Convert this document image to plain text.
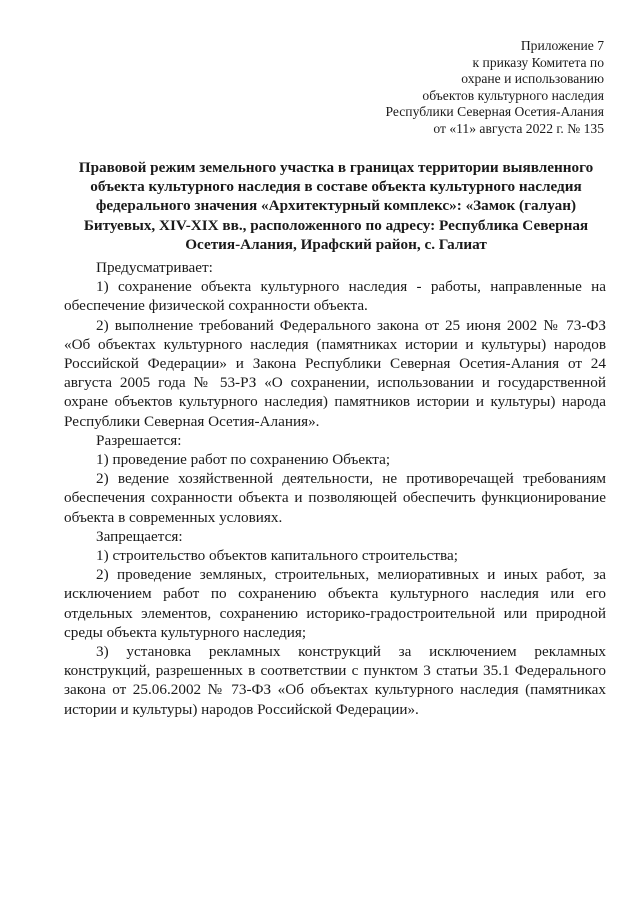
Приложение 7
к приказу Комитета по
охране и использованию
объектов культурного наследия
Республики Северная Осетия-Алания
от «11» августа 2022 г. № 135
Правовой режим земельного участка в границах территории выявленного
объекта культурного наследия в составе объекта культурного наследия
федерального значения «Архитектурный комплекс»: «Замок (галуан)
Битуевых, XIV-XIX вв., расположенного по адресу: Республика Северная
Осетия-Алания, Ирафский район, с. Галиат

Предусматривает:

1) сохранение объекта культурного наследия - работы, направленные на обеспечение физической сохранности объекта.

2) выполнение требований Федерального закона от 25 июня 2002 № 73-ФЗ «Об объектах культурного наследия (памятниках истории и культуры) народов Российской Федерации» и Закона Республики Северная Осетия-Алания от 24 августа 2005 года № 53-РЗ «О сохранении, использовании и государственной охране объектов культурного наследия) памятников истории и культуры) народа Республики Северная Осетия-Алания».

Разрешается:

1) проведение работ по сохранению Объекта;

2) ведение хозяйственной деятельности, не противоречащей требованиям обеспечения сохранности объекта и позволяющей обеспечить функционирование объекта в современных условиях.

Запрещается:

1) строительство объектов капитального строительства;

2) проведение земляных, строительных, мелиоративных и иных работ, за исключением работ по сохранению объекта культурного наследия или его отдельных элементов, сохранению историко-градостроительной или природной среды объекта культурного наследия;

3) установка рекламных конструкций за исключением рекламных конструкций, разрешенных в соответствии с пунктом 3 статьи 35.1 Федерального закона от 25.06.2002 № 73-ФЗ «Об объектах культурного наследия (памятниках истории и культуры) народов Российской Федерации».
